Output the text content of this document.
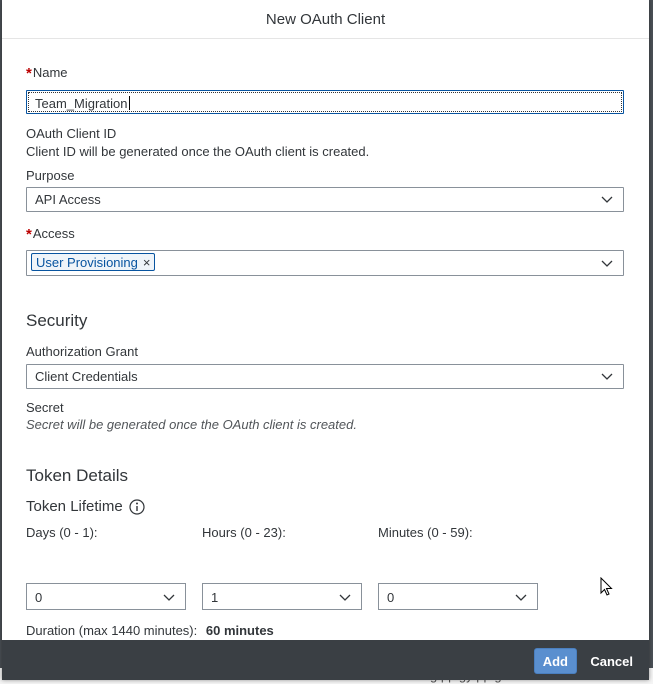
New OAuth Client
*Name
Team_Migration
OAuth Client ID
Client ID will be generated once the OAuth client is created.
Purpose
API Access
*Access
User Provisioning ×
Security
Authorization Grant
Client Credentials
Secret
Secret will be generated once the OAuth client is created.
Token Details
Token Lifetime
Days (0 - 1):
0
Hours (0 - 23):
1
Minutes (0 - 59):
0
Duration (max 1440 minutes): 60 minutes
Add	Cancel
